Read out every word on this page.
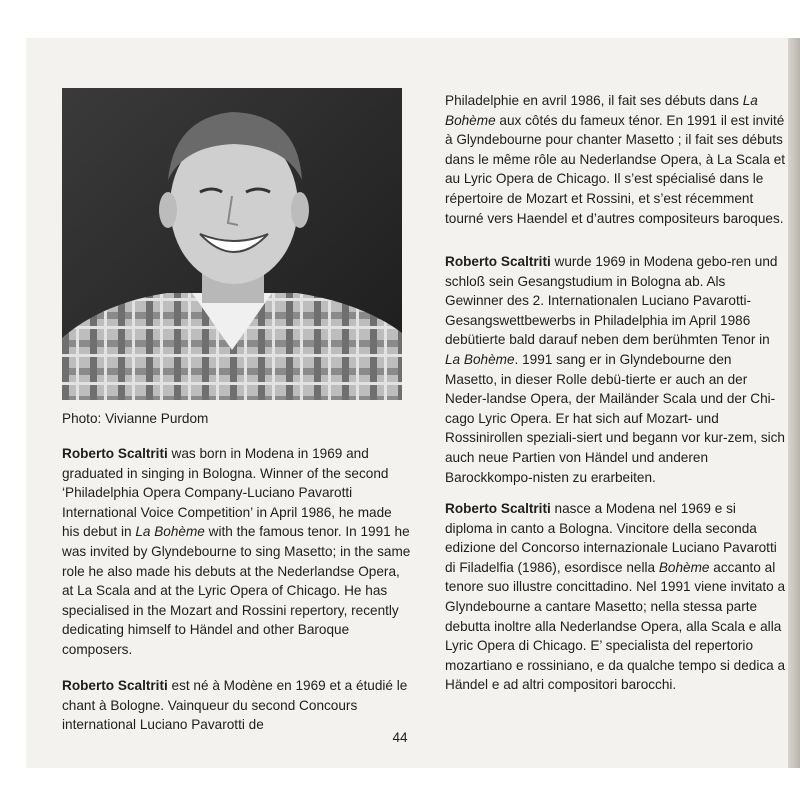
Photo: Vivianne Purdom

Roberto Scaltriti was born in Modena in 1969 and graduated in singing in Bologna. Winner of the second ‘Philadelphia Opera Company-Luciano Pavarotti International Voice Competition’ in April 1986, he made his debut in La Bohème with the famous tenor. In 1991 he was invited by Glyndebourne to sing Masetto; in the same role he also made his debuts at the Nederlandse Opera, at La Scala and at the Lyric Opera of Chicago. He has specialised in the Mozart and Rossini repertory, recently dedicating himself to Händel and other Baroque composers.

Roberto Scaltriti est né à Modène en 1969 et a étudié le chant à Bologne. Vainqueur du second Concours international Luciano Pavarotti de

Philadelphie en avril 1986, il fait ses débuts dans La Bohème aux côtés du fameux ténor. En 1991 il est invité à Glyndebourne pour chanter Masetto ; il fait ses débuts dans le même rôle au Nederlandse Opera, à La Scala et au Lyric Opera de Chicago. Il s’est spécialisé dans le répertoire de Mozart et Rossini, et s’est récemment tourné vers Haendel et d’autres compositeurs baroques.

Roberto Scaltriti wurde 1969 in Modena gebo-ren und schloß sein Gesangstudium in Bologna ab. Als Gewinner des 2. Internationalen Luciano Pavarotti-Gesangswettbewerbs in Philadelphia im April 1986 debütierte bald darauf neben dem berühmten Tenor in La Bohème. 1991 sang er in Glyndebourne den Masetto, in dieser Rolle debü-tierte er auch an der Neder-landse Opera, der Mailänder Scala und der Chi-cago Lyric Opera. Er hat sich auf Mozart- und Rossinirollen speziali-siert und begann vor kur-zem, sich auch neue Partien von Händel und anderen Barockkompo-nisten zu erarbeiten.

Roberto Scaltriti nasce a Modena nel 1969 e si diploma in canto a Bologna. Vincitore della seconda edizione del Concorso internazionale Luciano Pavarotti di Filadelfia (1986), esordisce nella Bohème accanto al tenore suo illustre concittadino. Nel 1991 viene invitato a Glyndebourne a cantare Masetto; nella stessa parte debutta inoltre alla Nederlandse Opera, alla Scala e alla Lyric Opera di Chicago. E’ specialista del repertorio mozartiano e rossiniano, e da qualche tempo si dedica a Händel e ad altri compositori barocchi.

44
